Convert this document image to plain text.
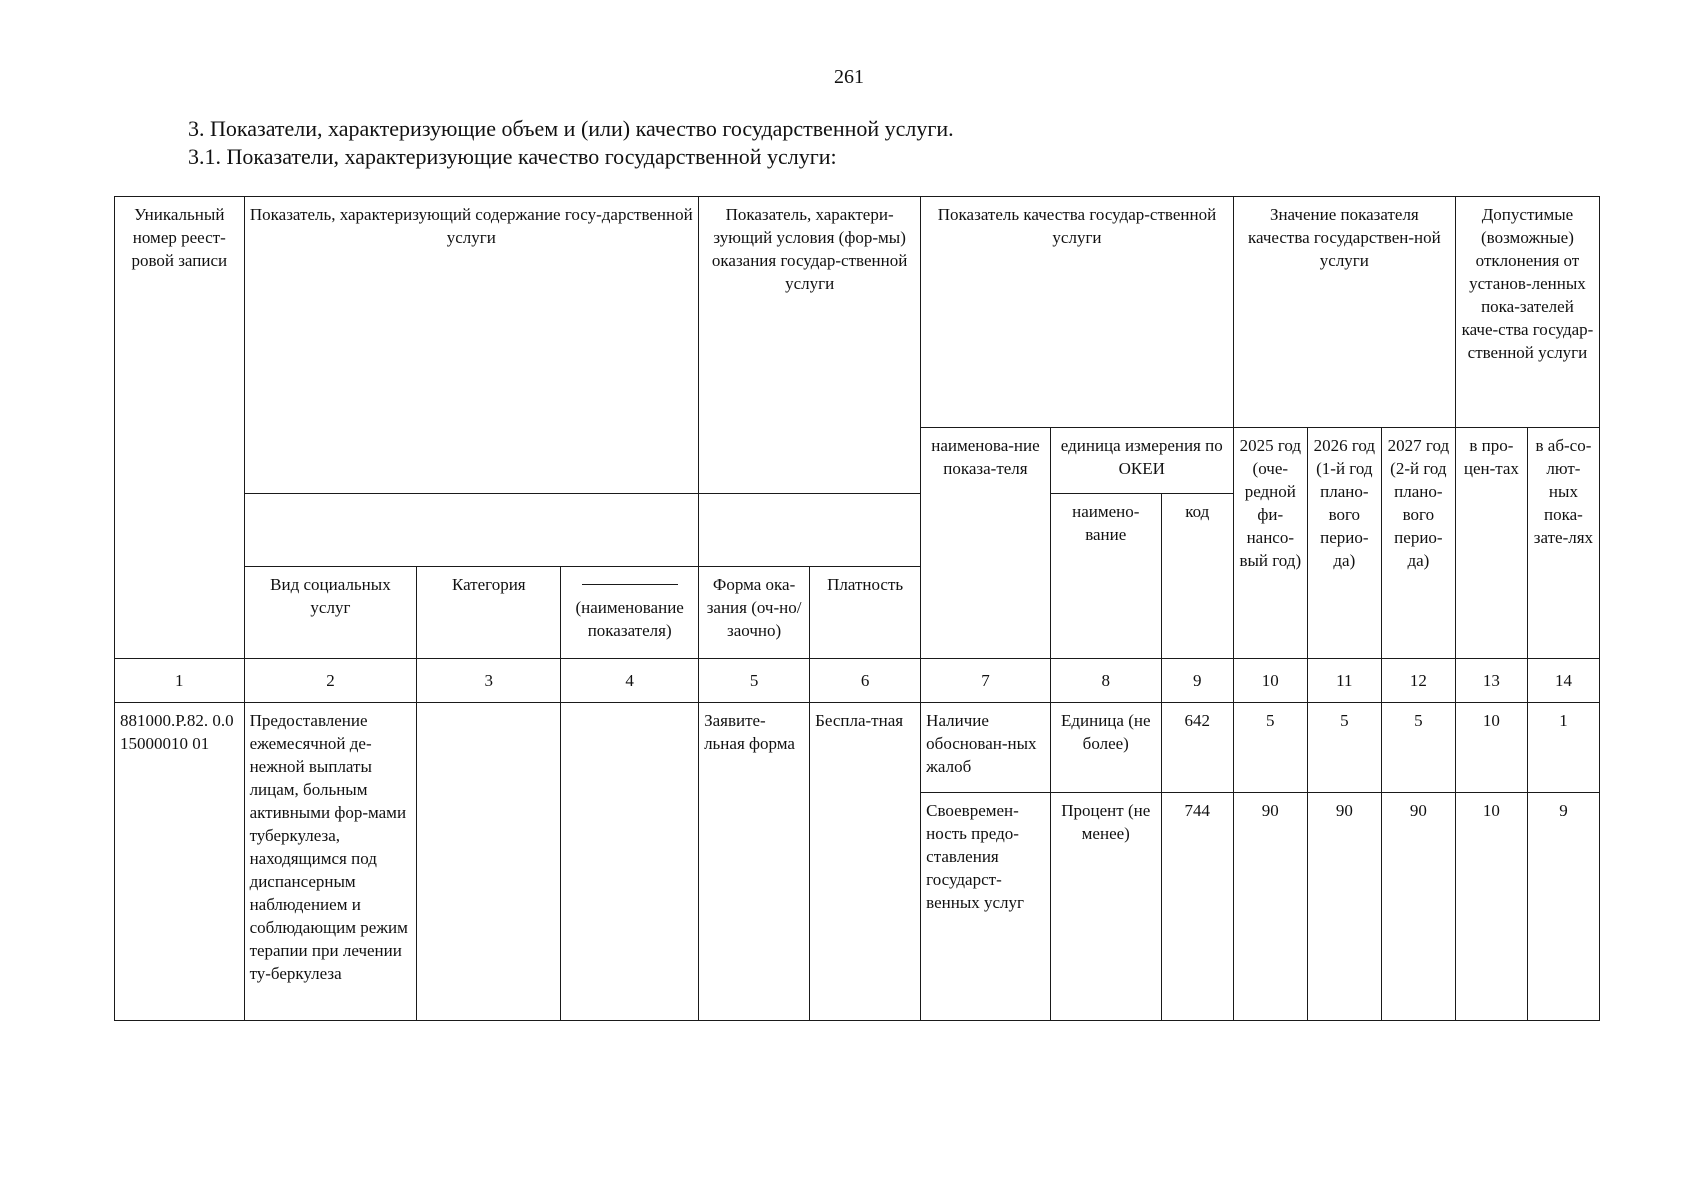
261
3. Показатели, характеризующие объем и (или) качество государственной услуги.
3.1. Показатели, характеризующие качество государственной услуги:
Уникальный номер реест-ровой записи	Показатель, характеризующий содержание госу-дарственной услуги			Показатель, характери-зующий условия (фор-мы) оказания государ-ственной услуги		Показатель качества государ-ственной услуги			Значение показателя качества государствен-ной услуги			Допустимые (возможные) отклонения от установ-ленных пока-зателей каче-ства государ-ственной услуги	
						наименова-ние показа-теля	единица измерения по ОКЕИ		2025 год (оче-редной фи-нансо-вый год)	2026 год (1-й год плано-вого перио-да)	2027 год (2-й год плано-вого перио-да)	в про-цен-тах	в аб-со-лют-ных пока-зате-лях
							наимено-вание	код					
	Вид социальных услуг	Категория	(наименование показателя)	Форма ока-зания (оч-но/заочно)	Платность								
1	2	3	4	5	6	7	8	9	10	11	12	13	14
881000.Р.82. 0.015000010 01	Предоставление ежемесячной де-нежной выплаты лицам, больным активными фор-мами туберкулеза, находящимся под диспансерным наблюдением и соблюдающим режим терапии при лечении ту-беркулеза			Заявите-льная форма	Беспла-тная	Наличие обоснован-ных жалоб	Единица (не более)	642	5	5	5	10	1
						Своевремен-ность предо-ставления государст-венных услуг	Процент (не менее)	744	90	90	90	10	9
